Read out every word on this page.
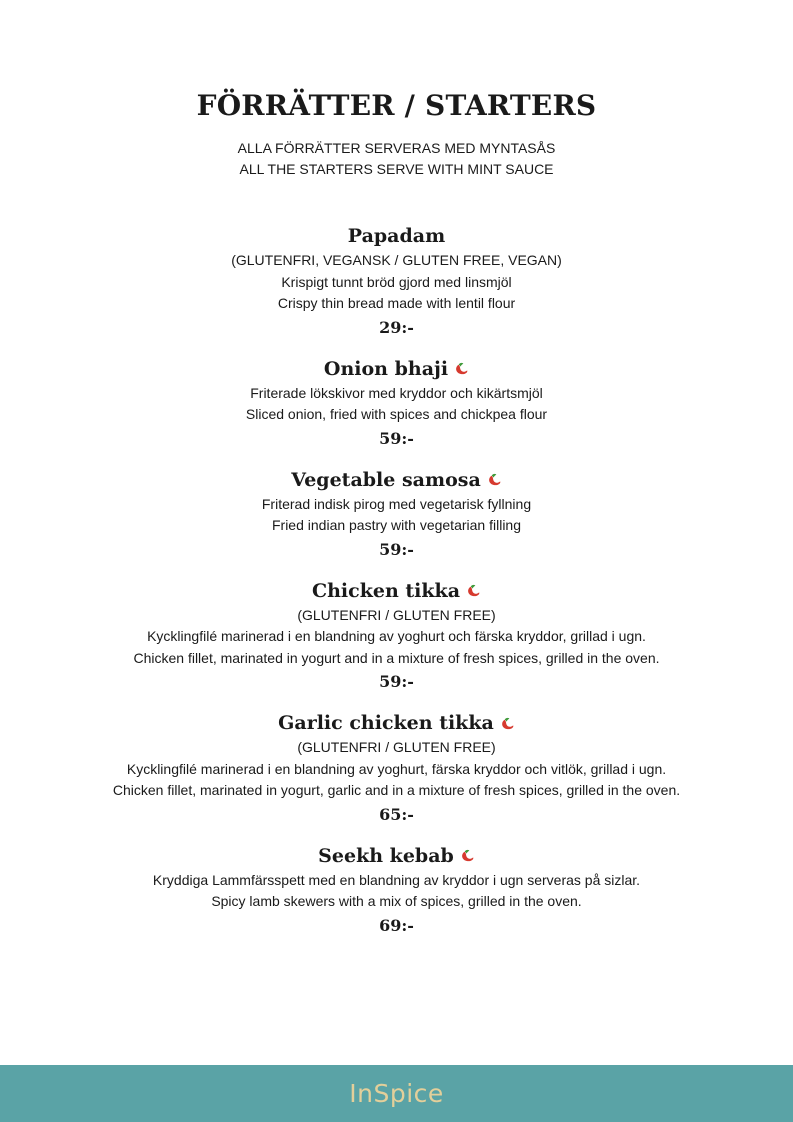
FÖRRÄTTER / STARTERS
ALLA FÖRRÄTTER SERVERAS MED MYNTASÅS
ALL THE STARTERS SERVE WITH MINT SAUCE
Papadam
(GLUTENFRI, VEGANSK / GLUTEN FREE, VEGAN)
Krispigt tunnt bröd gjord med linsmjöl
Crispy thin bread made with lentil flour
29:-
Onion bhaji
Friterade lökskivor med kryddor och kikärtsmjöl
Sliced onion, fried with spices and chickpea flour
59:-
Vegetable samosa
Friterad indisk pirog med vegetarisk fyllning
Fried indian pastry with vegetarian filling
59:-
Chicken tikka
(GLUTENFRI / GLUTEN FREE)
Kycklingfilé marinerad i en blandning av yoghurt och färska kryddor, grillad i ugn.
Chicken fillet, marinated in yogurt and in a mixture of fresh spices, grilled in the oven.
59:-
Garlic chicken tikka
(GLUTENFRI / GLUTEN FREE)
Kycklingfilé marinerad i en blandning av yoghurt, färska kryddor och vitlök, grillad i ugn.
Chicken fillet, marinated in yogurt, garlic and in a mixture of fresh spices, grilled in the oven.
65:-
Seekh kebab
Kryddiga Lammfärsspett med en blandning av kryddor i ugn serveras på sizlar.
Spicy lamb skewers with a mix of spices, grilled in the oven.
69:-
InSpice
